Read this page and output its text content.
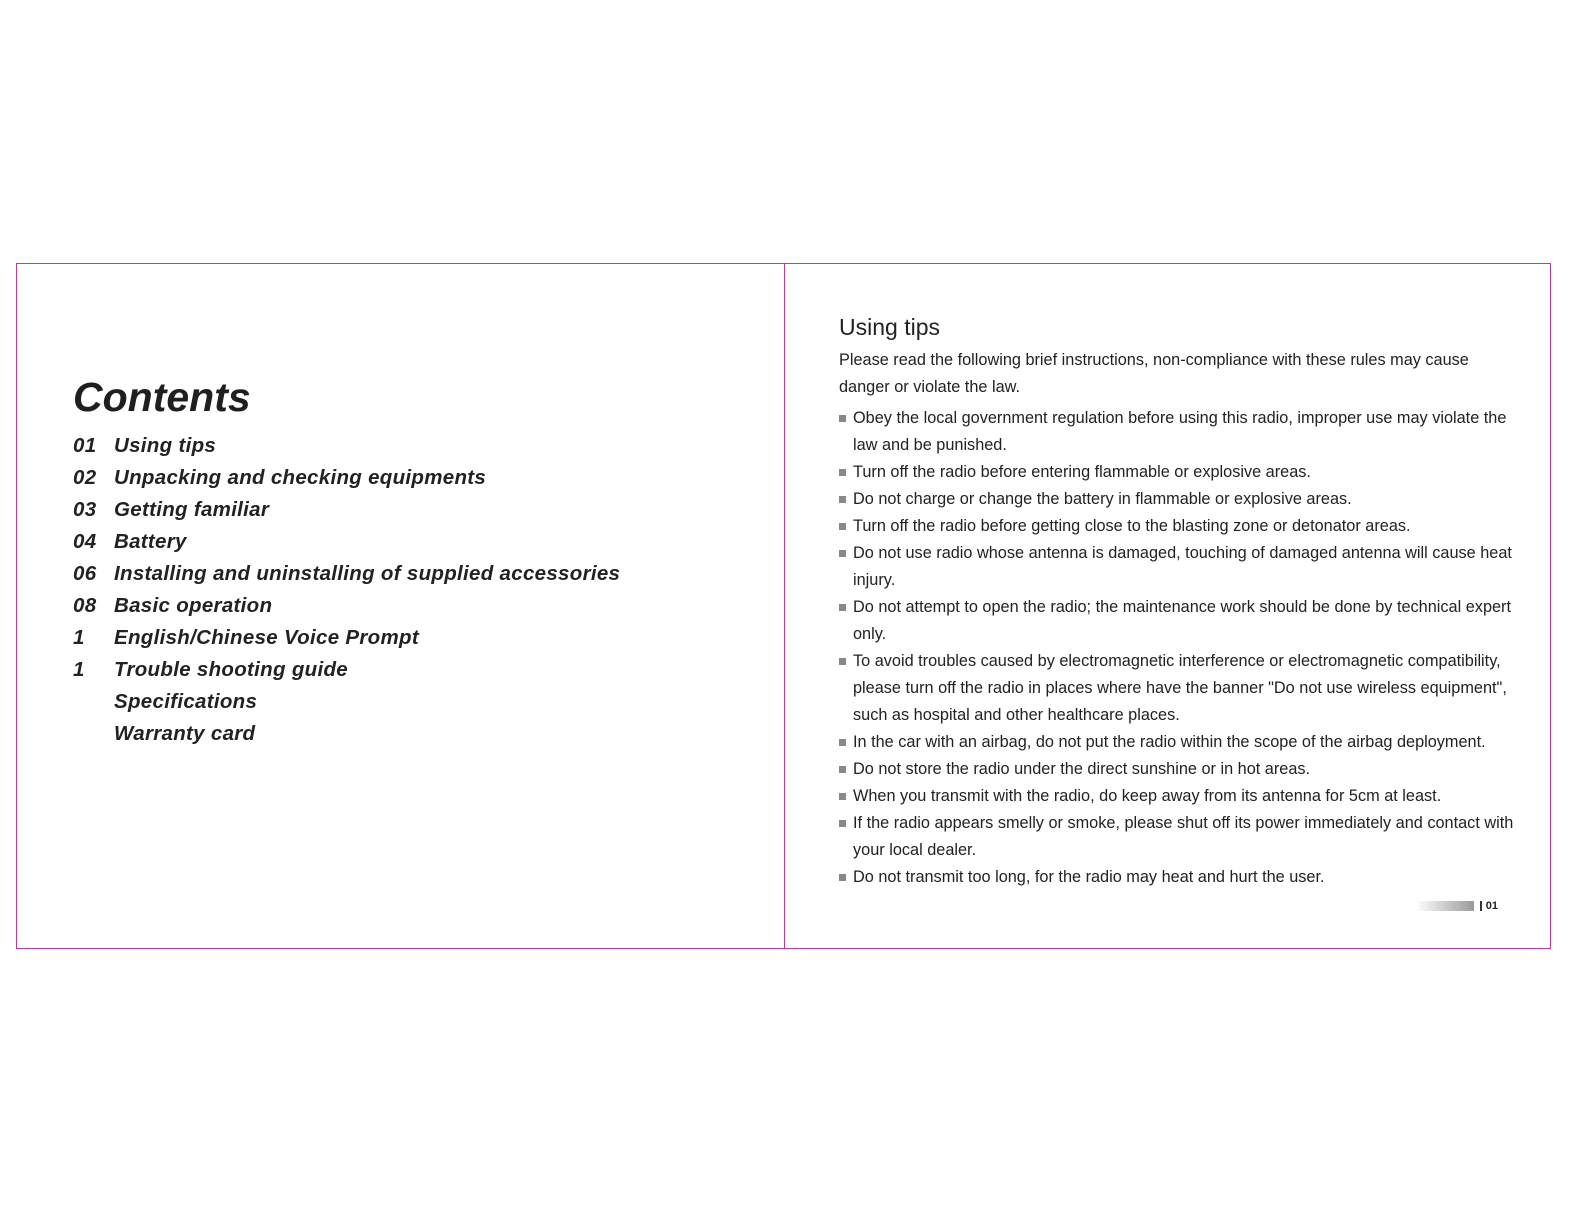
Contents
01 Using tips
02 Unpacking and checking equipments
03 Getting familiar
04 Battery
06 Installing and uninstalling of supplied accessories
08 Basic operation
1	English/Chinese Voice Prompt
1	Trouble shooting guide
Specifications
Warranty card
Using tips

Please read the following brief instructions, non-compliance with these rules may cause danger or violate the law.

Obey the local government regulation before using this radio, improper use may violate the law and be punished.
Turn off the radio before entering flammable or explosive areas.
Do not charge or change the battery in flammable or explosive areas.
Turn off the radio before getting close to the blasting zone or detonator areas.
Do not use radio whose antenna is damaged, touching of damaged antenna will cause heat injury.
Do not attempt to open the radio; the maintenance work should be done by technical expert only.
To avoid troubles caused by electromagnetic interference or electromagnetic compatibility, please turn off the radio in places where have the banner "Do not use wireless equipment", such as hospital and other healthcare places.
In the car with an airbag, do not put the radio within the scope of the airbag deployment.
Do not store the radio under the direct sunshine or in hot areas.
When you transmit with the radio, do keep away from its antenna for 5cm at least.
If the radio appears smelly or smoke, please shut off its power immediately and contact with your local dealer.
Do not transmit too long, for the radio may heat and hurt the user.
01
